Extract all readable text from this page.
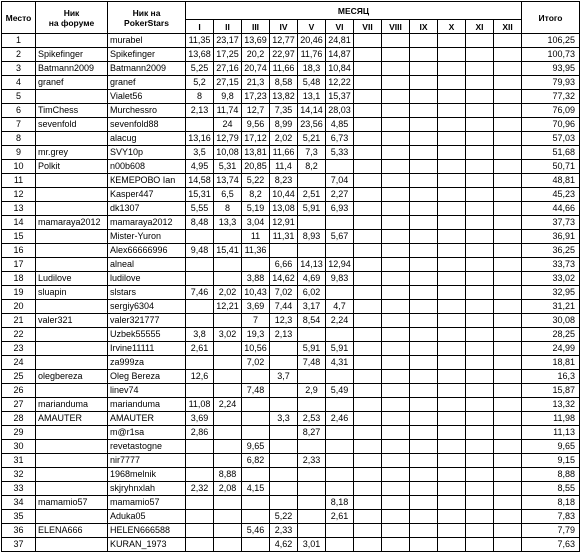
Место	Ник
на форуме	Ник на
PokerStars	МЕСЯЦ												Итого
			I	II	III	IV	V	VI	VII	VIII	IX	X	XI	XII	
1		murabel	11,35	23,17	13,69	12,77	20,46	24,81							106,25
2	Spikefinger	Spikefinger	13,68	17,25	20,2	22,97	11,76	14,87							100,73
3	Batmann2009	Batmann2009	5,25	27,16	20,74	11,66	18,3	10,84							93,95
4	granef	granef	5,2	27,15	21,3	8,58	5,48	12,22							79,93
5		Vialet56	8	9,8	17,23	13,82	13,1	15,37							77,32
6	TimChess	Murchessro	2,13	11,74	12,7	7,35	14,14	28,03							76,09
7	sevenfold	sevenfold88		24	9,56	8,99	23,56	4,85							70,96
8		alacug	13,16	12,79	17,12	2,02	5,21	6,73							57,03
9	mr.grey	SVY10p	3,5	10,08	13,81	11,66	7,3	5,33							51,68
10	Polkit	n00b608	4,95	5,31	20,85	11,4	8,2								50,71
11		КЕМЕРОВО Ian	14,58	13,74	5,22	8,23		7,04							48,81
12		Kasper447	15,31	6,5	8,2	10,44	2,51	2,27							45,23
13		dk1307	5,55	8	5,19	13,08	5,91	6,93							44,66
14	mamaraya2012	mamaraya2012	8,48	13,3	3,04	12,91									37,73
15		Mister-Yuron			11	11,31	8,93	5,67							36,91
16		Alex66666996	9,48	15,41	11,36										36,25
17		alneal				6,66	14,13	12,94							33,73
18	Ludilove	ludilove			3,88	14,62	4,69	9,83							33,02
19	sluapin	slstars	7,46	2,02	10,43	7,02	6,02								32,95
20		sergiy6304		12,21	3,69	7,44	3,17	4,7							31,21
21	valer321	valer321777			7	12,3	8,54	2,24							30,08
22		Uzbek55555	3,8	3,02	19,3	2,13									28,25
23		Irvine11111	2,61		10,56		5,91	5,91							24,99
24		za999za			7,02		7,48	4,31							18,81
25	olegbereza	Oleg Bereza	12,6			3,7									16,3
26		linev74			7,48		2,9	5,49							15,87
27	marianduma	marianduma	11,08	2,24											13,32
28	AMAUTER	AMAUTER	3,69			3,3	2,53	2,46							11,98
29		m@r1sa	2,86				8,27								11,13
30		revetastogne			9,65										9,65
31		nir7777			6,82		2,33								9,15
32		1968melnik		8,88											8,88
33		skjryhnxlah	2,32	2,08	4,15										8,55
34	mamamio57	mamamio57						8,18							8,18
35		Aduka05				5,22		2,61							7,83
36	ELENA666	HELEN666588			5,46	2,33									7,79
37		KURAN_1973				4,62	3,01								7,63
